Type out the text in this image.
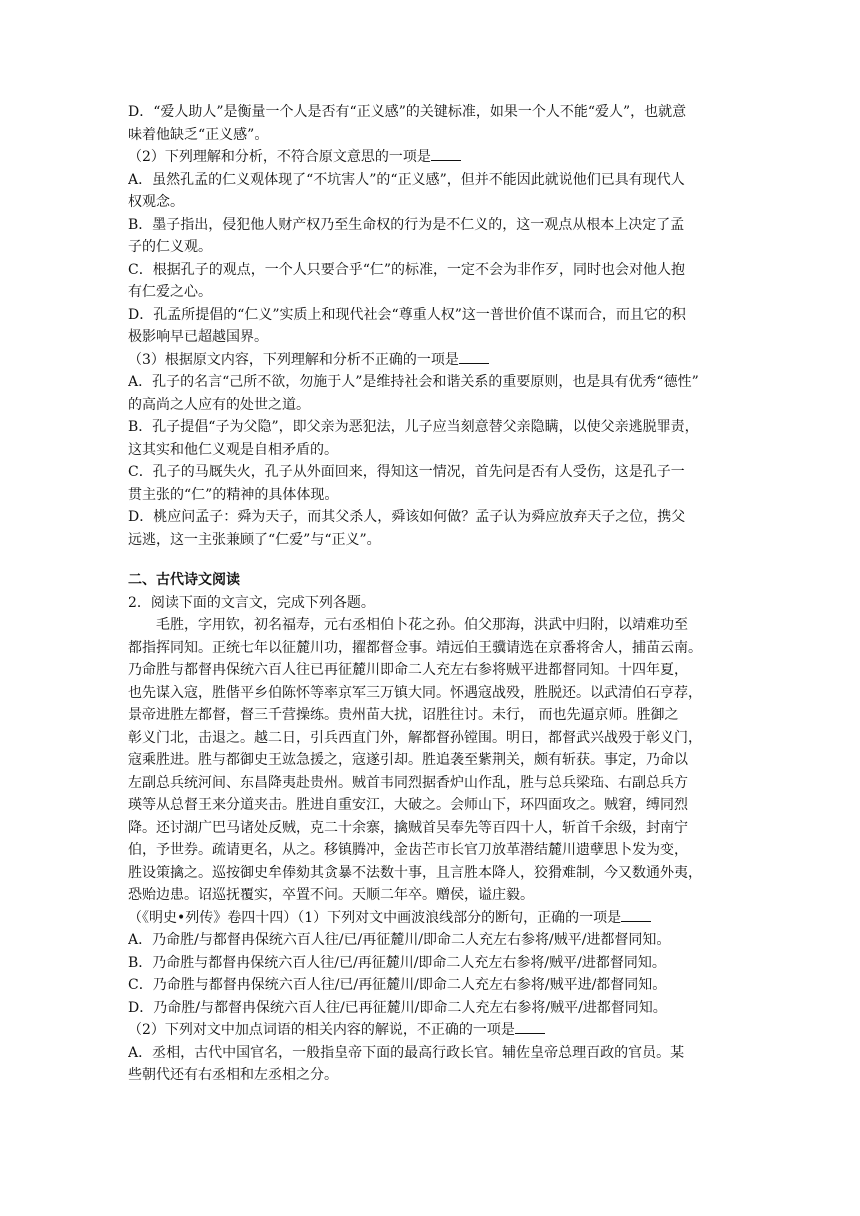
D．“爱人助人”是衡量一个人是否有“正义感”的关键标准，如果一个人不能“爱人”，也就意
味着他缺乏“正义感”。
（2）下列理解和分析，不符合原文意思的一项是
A．虽然孔孟的仁义观体现了“不坑害人”的“正义感”，但并不能因此就说他们已具有现代人
权观念。
B．墨子指出，侵犯他人财产权乃至生命权的行为是不仁义的，这一观点从根本上决定了孟
子的仁义观。
C．根据孔子的观点，一个人只要合乎“仁”的标准，一定不会为非作歹，同时也会对他人抱
有仁爱之心。
D．孔孟所提倡的“仁义”实质上和现代社会“尊重人权”这一普世价值不谋而合，而且它的积
极影响早已超越国界。
（3）根据原文内容，下列理解和分析不正确的一项是
A．孔子的名言“己所不欲，勿施于人”是维持社会和谐关系的重要原则，也是具有优秀“德性”
的高尚之人应有的处世之道。
B．孔子提倡“子为父隐”，即父亲为恶犯法，儿子应当刻意替父亲隐瞒，以使父亲逃脱罪责，
这其实和他仁义观是自相矛盾的。
C．孔子的马厩失火，孔子从外面回来，得知这一情况，首先问是否有人受伤，这是孔子一
贯主张的“仁”的精神的具体体现。
D．桃应问孟子：舜为天子，而其父杀人，舜该如何做？孟子认为舜应放弃天子之位，携父
远逃，这一主张兼顾了“仁爱”与“正义”。
二、古代诗文阅读
2．阅读下面的文言文，完成下列各题。
毛胜，字用钦，初名福寿，元右丞相伯卜花之孙。伯父那海，洪武中归附，以靖难功至
都指挥同知。正统七年以征麓川功，擢都督佥事。靖远伯王骥请选在京番将舍人，捕苗云南。
乃命胜与都督冉保统六百人往已再征麓川即命二人充左右参将贼平进都督同知。十四年夏，
也先谋入寇，胜偕平乡伯陈怀等率京军三万镇大同。怀遇寇战殁，胜脱还。以武清伯石亨荐，
景帝进胜左都督，督三千营操练。贵州苗大扰，诏胜往讨。未行， 而也先逼京师。胜御之
彰义门北，击退之。越二日，引兵西直门外，解都督孙镗围。明日，都督武兴战殁于彰义门，
寇乘胜进。胜与都御史王竑急援之，寇遂引却。胜追袭至紫荆关，颇有斩获。事定，乃命以
左副总兵统河间、东昌降夷赴贵州。贼首韦同烈据香炉山作乱，胜与总兵梁珤、右副总兵方
瑛等从总督王来分道夹击。胜进自重安江，大破之。会师山下，环四面攻之。贼窘，缚同烈
降。还讨湖广巴马诸处反贼，克二十余寨，擒贼首吴奉先等百四十人，斩首千余级，封南宁
伯，予世券。疏请更名，从之。移镇腾冲，金齿芒市长官刀放革潜结麓川遗孽思卜发为变，
胜设策擒之。巡按御史牟俸劾其贪暴不法数十事，且言胜本降人，狡猾难制，今又数通外夷，
恐贻边患。诏巡抚覆实，卒置不问。天顺二年卒。赠侯，谥庄毅。
（《明史•列传》卷四十四）（1）下列对文中画波浪线部分的断句，正确的一项是
A．乃命胜/与都督冉保统六百人往/已/再征麓川/即命二人充左右参将/贼平/进都督同知。
B．乃命胜与都督冉保统六百人往/已/再征麓川/即命二人充左右参将/贼平/进都督同知。
C．乃命胜与都督冉保统六百人往/已/再征麓川/即命二人充左右参将/贼平进/都督同知。
D．乃命胜/与都督冉保统六百人往/已再征麓川/即命二人充左右参将/贼平/进都督同知。
（2）下列对文中加点词语的相关内容的解说，不正确的一项是
A．丞相，古代中国官名，一般指皇帝下面的最高行政长官。辅佐皇帝总理百政的官员。某
些朝代还有右丞相和左丞相之分。
